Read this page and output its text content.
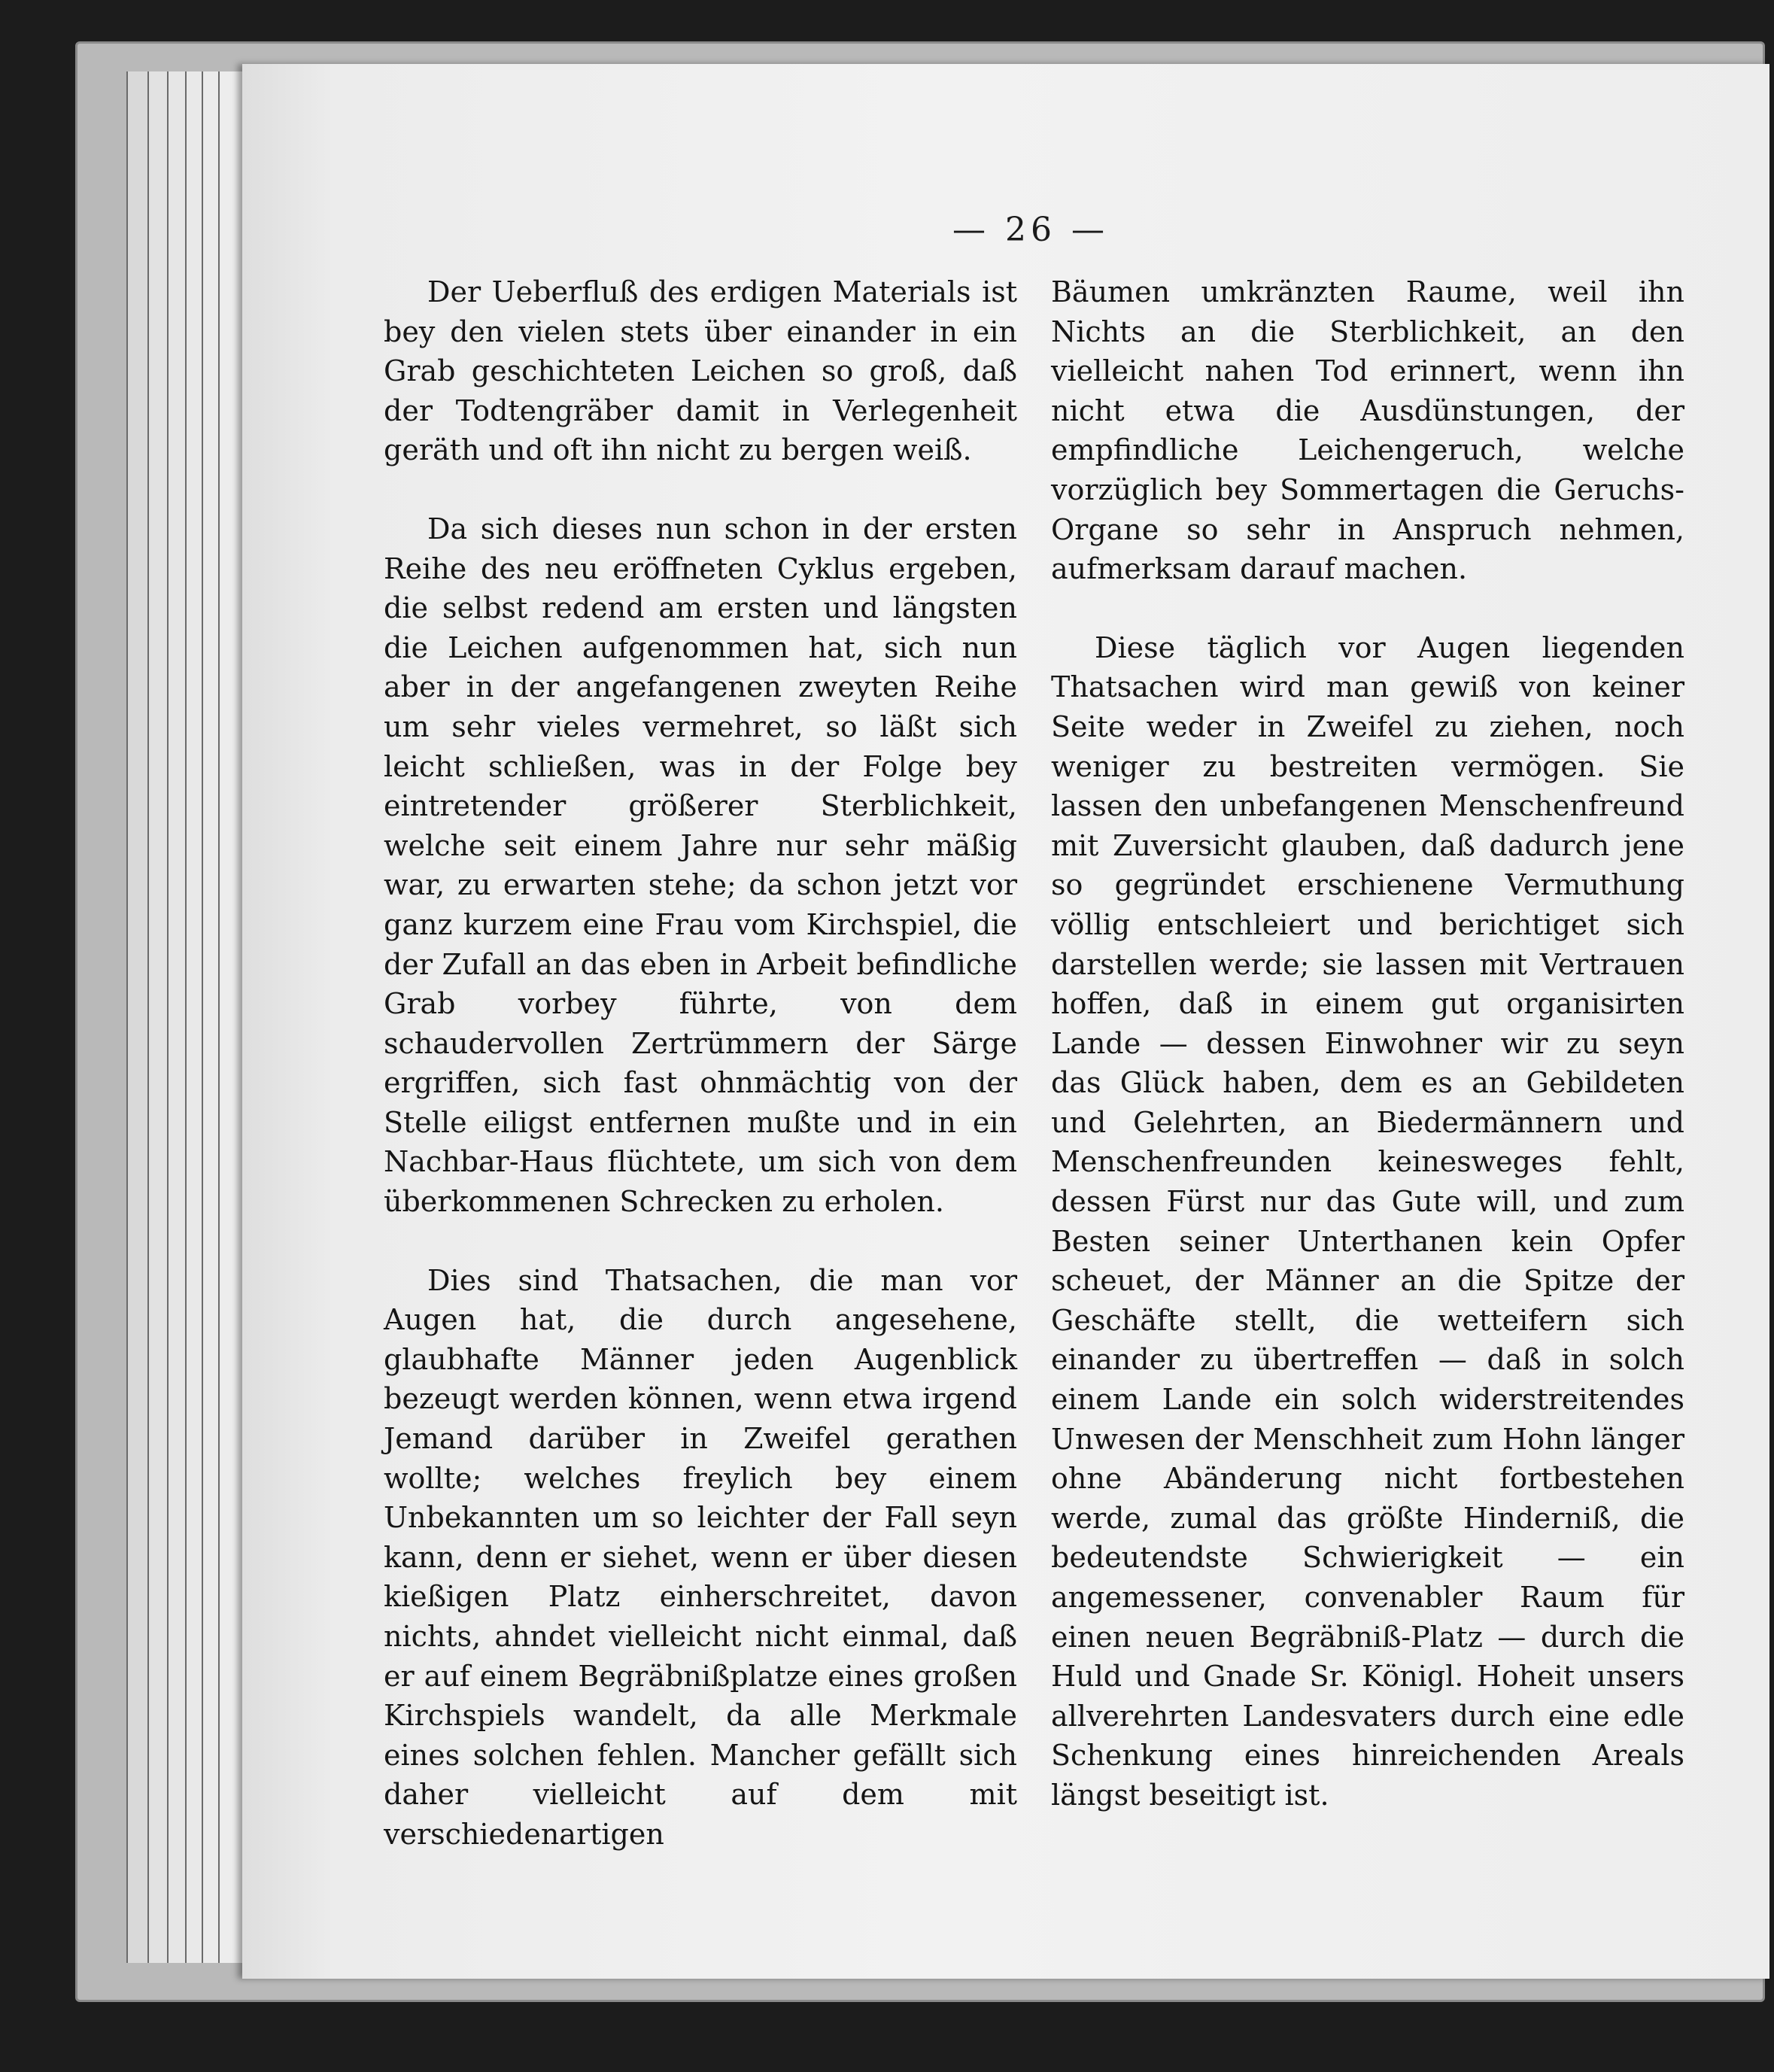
— 26 —

Der Ueberfluß des erdigen Materials ist bey den vielen stets über einander in ein Grab geschichteten Leichen so groß, daß der Todtengräber damit in Verlegenheit geräth und oft ihn nicht zu bergen weiß.

Da sich dieses nun schon in der ersten Reihe des neu eröffneten Cyklus ergeben, die selbst redend am ersten und längsten die Leichen aufgenommen hat, sich nun aber in der angefangenen zweyten Reihe um sehr vieles vermehret, so läßt sich leicht schließen, was in der Folge bey eintretender größerer Sterblichkeit, welche seit einem Jahre nur sehr mäßig war, zu erwarten stehe; da schon jetzt vor ganz kurzem eine Frau vom Kirchspiel, die der Zufall an das eben in Arbeit befindliche Grab vorbey führte, von dem schaudervollen Zertrümmern der Särge ergriffen, sich fast ohnmächtig von der Stelle eiligst entfernen mußte und in ein Nachbar-Haus flüchtete, um sich von dem überkommenen Schrecken zu erholen.

Dies sind Thatsachen, die man vor Augen hat, die durch angesehene, glaubhafte Männer jeden Augenblick bezeugt werden können, wenn etwa irgend Jemand darüber in Zweifel gerathen wollte; welches freylich bey einem Unbekannten um so leichter der Fall seyn kann, denn er siehet, wenn er über diesen kießigen Platz einherschreitet, davon nichts, ahndet vielleicht nicht einmal, daß er auf einem Begräbnißplatze eines großen Kirchspiels wandelt, da alle Merkmale eines solchen fehlen. Mancher gefällt sich daher vielleicht auf dem mit verschiedenartigen

Bäumen umkränzten Raume, weil ihn Nichts an die Sterblichkeit, an den vielleicht nahen Tod erinnert, wenn ihn nicht etwa die Ausdünstungen, der empfindliche Leichengeruch, welche vorzüglich bey Sommertagen die Geruchs-Organe so sehr in Anspruch nehmen, aufmerksam darauf machen.

Diese täglich vor Augen liegenden Thatsachen wird man gewiß von keiner Seite weder in Zweifel zu ziehen, noch weniger zu bestreiten vermögen. Sie lassen den unbefangenen Menschenfreund mit Zuversicht glauben, daß dadurch jene so gegründet erschienene Vermuthung völlig entschleiert und berichtiget sich darstellen werde; sie lassen mit Vertrauen hoffen, daß in einem gut organisirten Lande — dessen Einwohner wir zu seyn das Glück haben, dem es an Gebildeten und Gelehrten, an Biedermännern und Menschenfreunden keinesweges fehlt, dessen Fürst nur das Gute will, und zum Besten seiner Unterthanen kein Opfer scheuet, der Männer an die Spitze der Geschäfte stellt, die wetteifern sich einander zu übertreffen — daß in solch einem Lande ein solch widerstreitendes Unwesen der Menschheit zum Hohn länger ohne Abänderung nicht fortbestehen werde, zumal das größte Hinderniß, die bedeutendste Schwierigkeit — ein angemessener, convenabler Raum für einen neuen Begräbniß-Platz — durch die Huld und Gnade Sr. Königl. Hoheit unsers allverehrten Landesvaters durch eine edle Schenkung eines hinreichenden Areals längst beseitigt ist.
